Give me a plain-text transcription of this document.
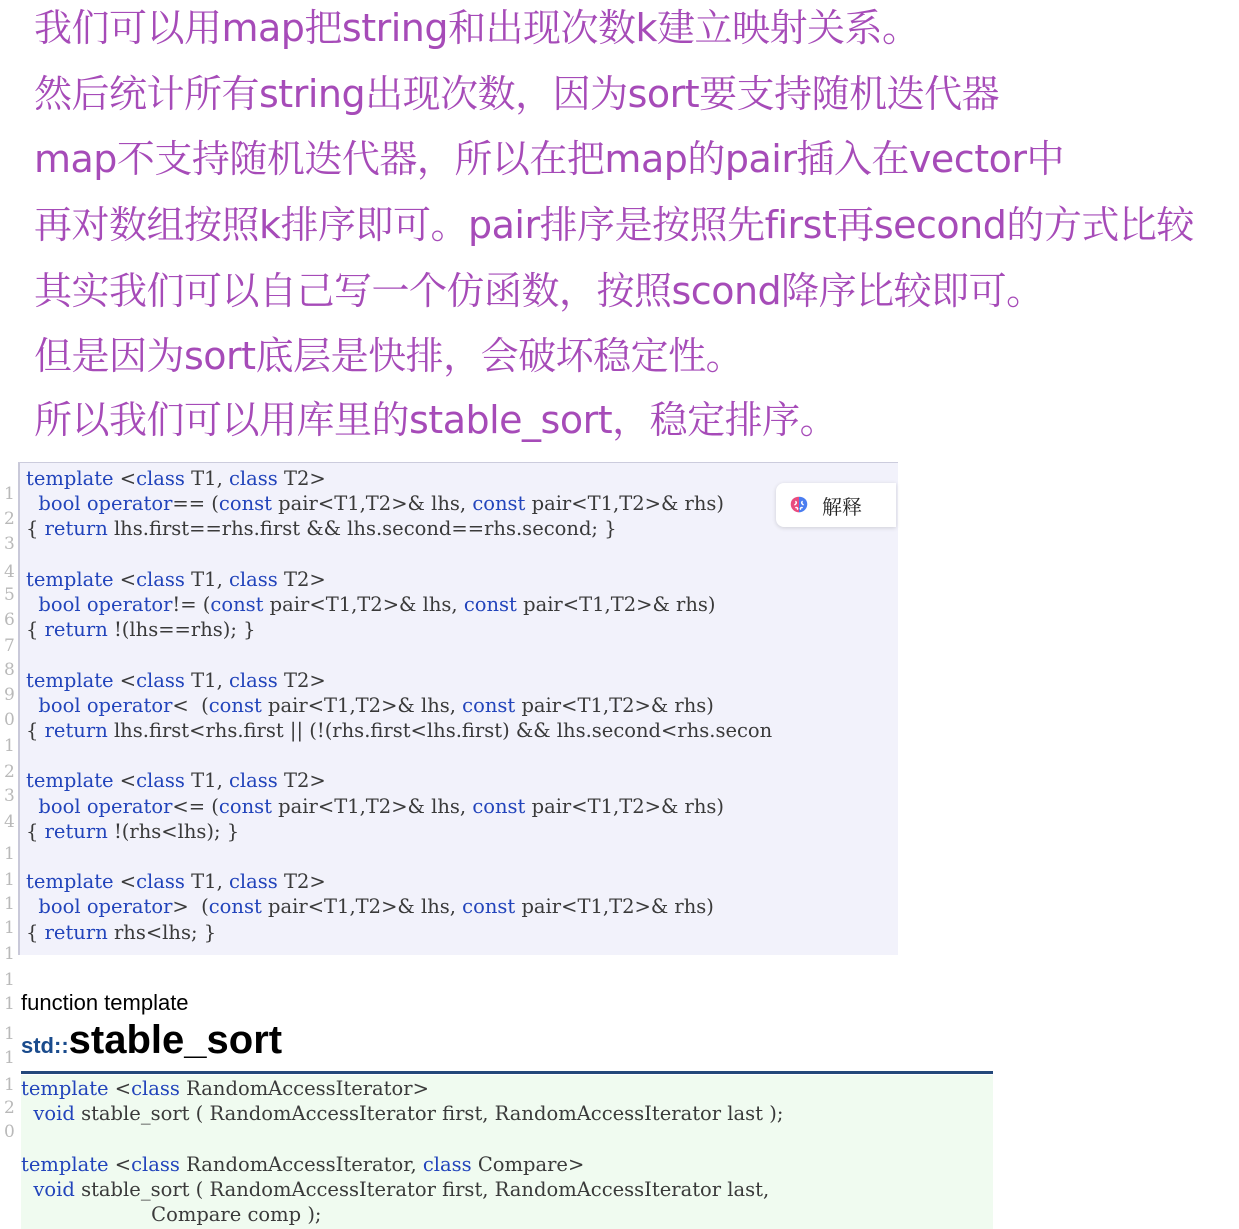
我们可以用map把string和出现次数k建立映射关系。
然后统计所有string出现次数，因为sort要支持随机迭代器
map不支持随机迭代器，所以在把map的pair插入在vector中
再对数组按照k排序即可。pair排序是按照先first再second的方式比较
其实我们可以自己写一个仿函数，按照scond降序比较即可。
但是因为sort底层是快排，会破坏稳定性。
所以我们可以用库里的stable_sort，稳定排序。
1
2
3
4
5
6
7
8
9
0
1
2
3
4
1
1
1
1
1
1
1
1
1
1
2
0
template <class T1, class T2>
bool operator== (const pair<T1,T2>& lhs, const pair<T1,T2>& rhs)
{ return lhs.first==rhs.first && lhs.second==rhs.second; }

template <class T1, class T2>
bool operator!= (const pair<T1,T2>& lhs, const pair<T1,T2>& rhs)
{ return !(lhs==rhs); }

template <class T1, class T2>
bool operator<  (const pair<T1,T2>& lhs, const pair<T1,T2>& rhs)
{ return lhs.first<rhs.first || (!(rhs.first<lhs.first) && lhs.second<rhs.secon

template <class T1, class T2>
bool operator<= (const pair<T1,T2>& lhs, const pair<T1,T2>& rhs)
{ return !(rhs<lhs); }

template <class T1, class T2>
bool operator>  (const pair<T1,T2>& lhs, const pair<T1,T2>& rhs)
{ return rhs<lhs; }
解释
function template
std::stable_sort
template <class RandomAccessIterator>
void stable_sort ( RandomAccessIterator first, RandomAccessIterator last );

template <class RandomAccessIterator, class Compare>
void stable_sort ( RandomAccessIterator first, RandomAccessIterator last,
Compare comp );
